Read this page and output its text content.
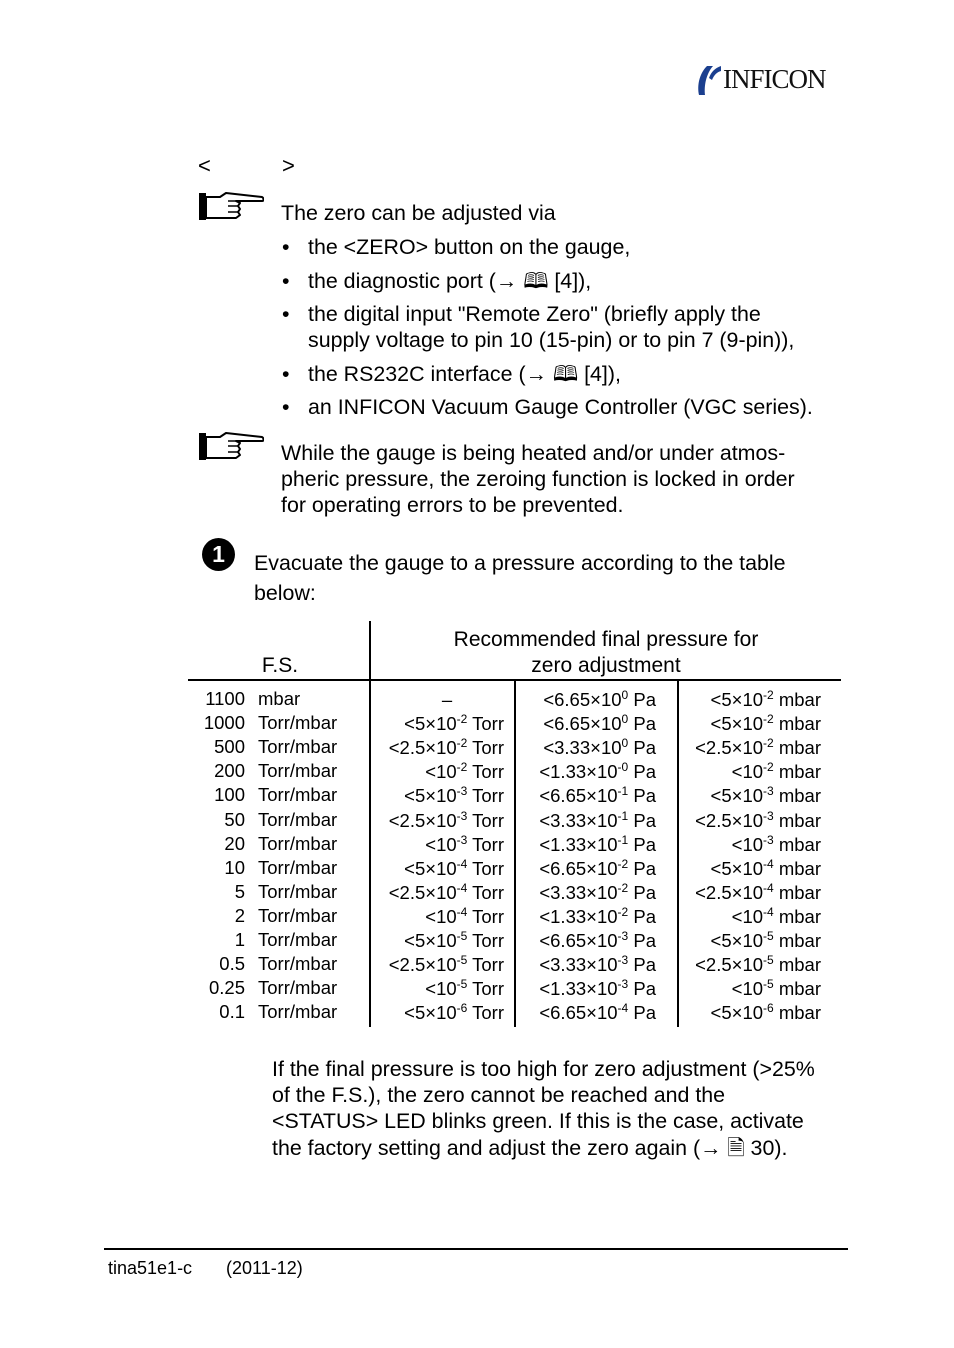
INFICON
<	>
The zero can be adjusted via
• the <ZERO> button on the gauge,
• the diagnostic port (→ 🕮 [4]),
• the digital input "Remote Zero" (briefly apply the supply voltage to pin 10 (15-pin) or to pin 7 (9-pin)),
• the RS232C interface (→ 🕮 [4]),
• an INFICON Vacuum Gauge Controller (VGC series).
While the gauge is being heated and/or under atmos-
pheric pressure, the zeroing function is locked in order
for operating errors to be prevented.
1	Evacuate the gauge to a pressure according to the table
below:
F.S.
Recommended final pressure for
zero adjustment
1100 mbar	–	$<6.65\times 10^0$ Pa	$<5\times 10^{-2}$ mbar
1000 Torr/mbar	$<5\times 10^{-2}$ Torr	$<6.65\times 10^0$ Pa	$<5\times 10^{-2}$ mbar
500 Torr/mbar	$<2.5\times 10^{-2}$ Torr	$<3.33\times 10^0$ Pa	$<2.5\times 10^{-2}$ mbar
200 Torr/mbar	$<10^{-2}$ Torr	$<1.33\times 10^{-0}$ Pa	$<10^{-2}$ mbar
100 Torr/mbar	$<5\times 10^{-3}$ Torr	$<6.65\times 10^{-1}$ Pa	$<5\times 10^{-3}$ mbar
50 Torr/mbar	$<2.5\times 10^{-3}$ Torr	$<3.33\times 10^{-1}$ Pa	$<2.5\times 10^{-3}$ mbar
20 Torr/mbar	$<10^{-3}$ Torr	$<1.33\times 10^{-1}$ Pa	$<10^{-3}$ mbar
10 Torr/mbar	$<5\times 10^{-4}$ Torr	$<6.65\times 10^{-2}$ Pa	$<5\times 10^{-4}$ mbar
5 Torr/mbar	$<2.5\times 10^{-4}$ Torr	$<3.33\times 10^{-2}$ Pa	$<2.5\times 10^{-4}$ mbar
2 Torr/mbar	$<10^{-4}$ Torr	$<1.33\times 10^{-2}$ Pa	$<10^{-4}$ mbar
1 Torr/mbar	$<5\times 10^{-5}$ Torr	$<6.65\times 10^{-3}$ Pa	$<5\times 10^{-5}$ mbar
0.5 Torr/mbar	$<2.5\times 10^{-5}$ Torr	$<3.33\times 10^{-3}$ Pa	$<2.5\times 10^{-5}$ mbar
0.25 Torr/mbar	$<10^{-5}$ Torr	$<1.33\times 10^{-3}$ Pa	$<10^{-5}$ mbar
0.1 Torr/mbar	$<5\times 10^{-6}$ Torr	$<6.65\times 10^{-4}$ Pa	$<5\times 10^{-6}$ mbar
If the final pressure is too high for zero adjustment (>25%
of the F.S.), the zero cannot be reached and the
<STATUS> LED blinks green. If this is the case, activate
the factory setting and adjust the zero again (→ 🗎 30).
tina51e1-c (2011-12)
